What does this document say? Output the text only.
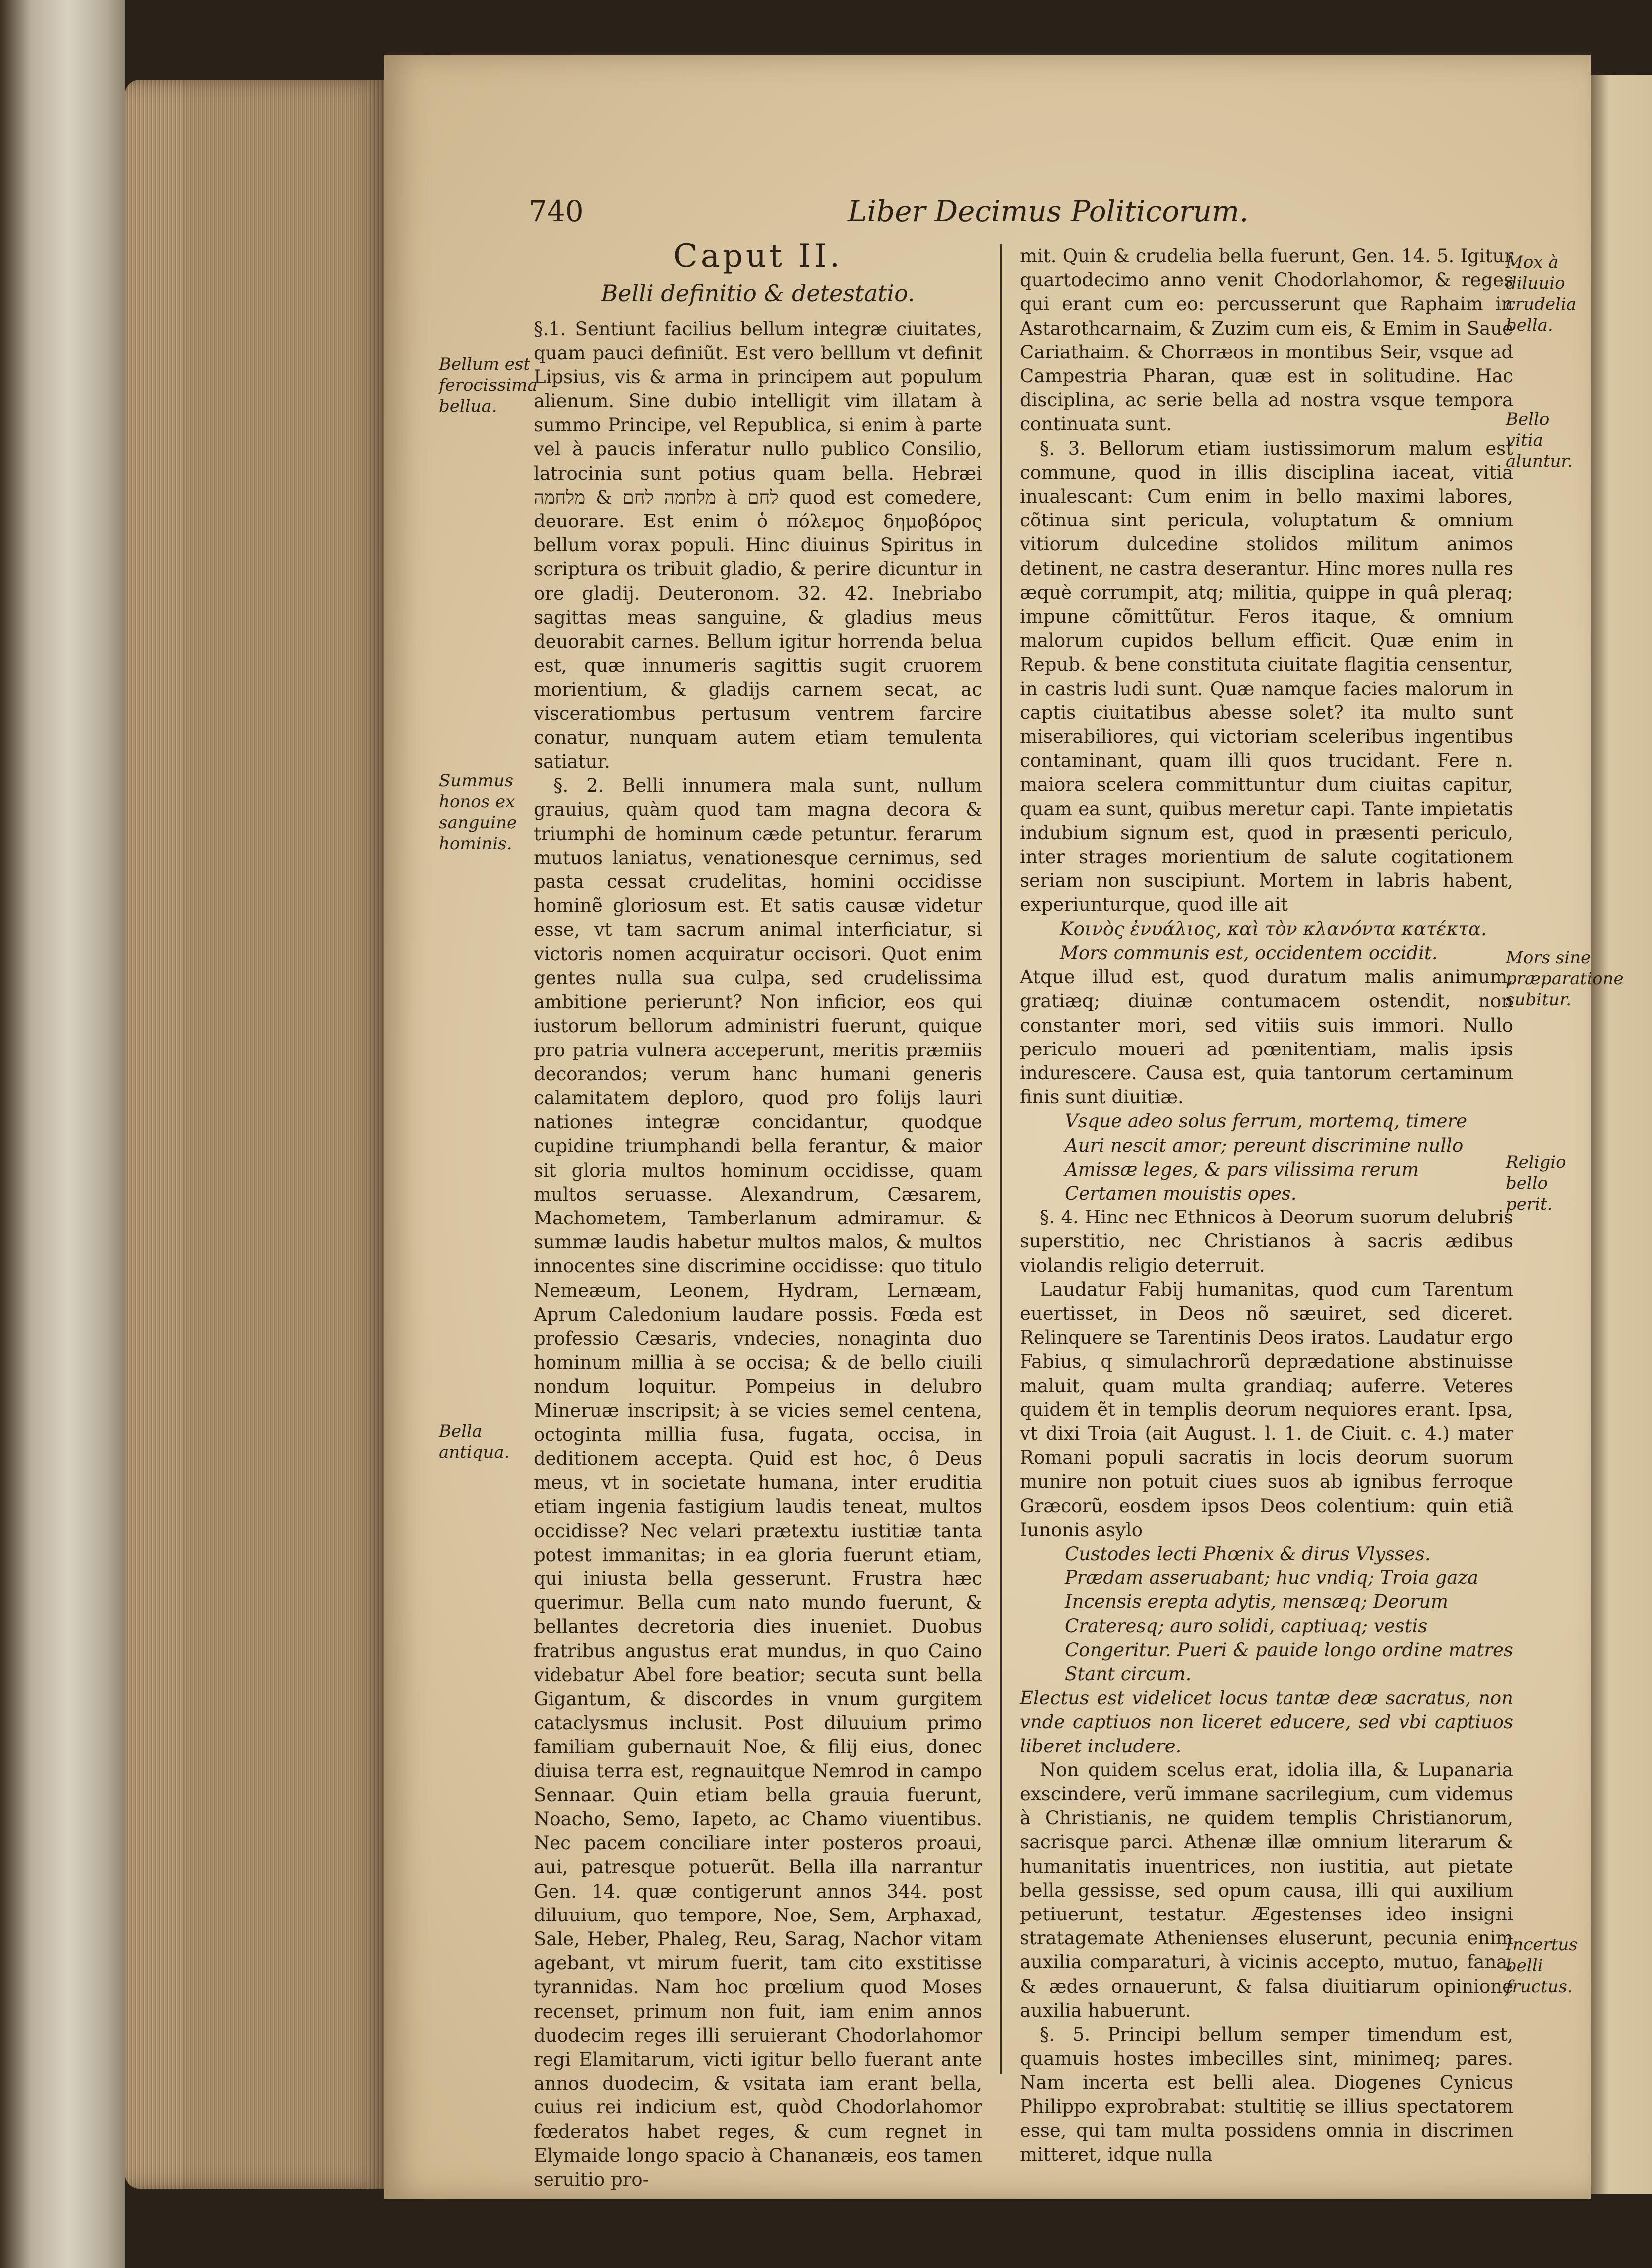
740	Liber Decimus Politicorum.
Caput II.
Belli definitio & detestatio.

§.1. Sentiunt facilius bellum integræ ciuitates, quam pauci definiũt. Est vero belllum vt definit Lipsius, vis & arma in principem aut populum alienum. Sine dubio intelligit vim illatam à summo Principe, vel Republica, si enim à parte vel à paucis inferatur nullo publico Consilio, latrocinia sunt potius quam bella. Hebræi מלחמה לחם & מלחמה à לחם quod est comedere, deuorare. Est enim ὁ πόλεμος δημοβόρος bellum vorax populi. Hinc diuinus Spiritus in scriptura os tribuit gladio, & perire dicuntur in ore gladij. Deuteronom. 32. 42. Inebriabo sagittas meas sanguine, & gladius meus deuorabit carnes. Bellum igitur horrenda belua est, quæ innumeris sagittis sugit cruorem morientium, & gladijs carnem secat, ac visceratiombus pertusum ventrem farcire conatur, nunquam autem etiam temulenta satiatur.

§. 2. Belli innumera mala sunt, nullum grauius, quàm quod tam magna decora & triumphi de hominum cæde petuntur. ferarum mutuos laniatus, venationesque cernimus, sed pasta cessat crudelitas, homini occidisse hominẽ gloriosum est. Et satis causæ videtur esse, vt tam sacrum animal interficiatur, si victoris nomen acquiratur occisori. Quot enim gentes nulla sua culpa, sed crudelissima ambitione perierunt? Non inficior, eos qui iustorum bellorum administri fuerunt, quique pro patria vulnera acceperunt, meritis præmiis decorandos; verum hanc humani generis calamitatem deploro, quod pro folijs lauri nationes integræ concidantur, quodque cupidine triumphandi bella ferantur, & maior sit gloria multos hominum occidisse, quam multos seruasse. Alexandrum, Cæsarem, Machometem, Tamberlanum admiramur. & summæ laudis habetur multos malos, & multos innocentes sine discrimine occidisse: quo titulo Nemeæum, Leonem, Hydram, Lernæam, Aprum Caledonium laudare possis. Fœda est professio Cæsaris, vndecies, nonaginta duo hominum millia à se occisa; & de bello ciuili nondum loquitur. Pompeius in delubro Mineruæ inscripsit; à se vicies semel centena, octoginta millia fusa, fugata, occisa, in deditionem accepta. Quid est hoc, ô Deus meus, vt in societate humana, inter eruditia etiam ingenia fastigium laudis teneat, multos occidisse? Nec velari prætextu iustitiæ tanta potest immanitas; in ea gloria fuerunt etiam, qui iniusta bella gesserunt. Frustra hæc querimur. Bella cum nato mundo fuerunt, & bellantes decretoria dies inueniet. Duobus fratribus angustus erat mundus, in quo Caino videbatur Abel fore beatior; secuta sunt bella Gigantum, & discordes in vnum gurgitem cataclysmus inclusit. Post diluuium primo familiam gubernauit Noe, & filij eius, donec diuisa terra est, regnauitque Nemrod in campo Sennaar. Quin etiam bella grauia fuerunt, Noacho, Semo, Iapeto, ac Chamo viuentibus. Nec pacem conciliare inter posteros proaui, aui, patresque potuerũt. Bella illa narrantur Gen. 14. quæ contigerunt annos 344. post diluuium, quo tempore, Noe, Sem, Arphaxad, Sale, Heber, Phaleg, Reu, Sarag, Nachor vitam agebant, vt mirum fuerit, tam cito exstitisse tyrannidas. Nam hoc prœlium quod Moses recenset, primum non fuit, iam enim annos duodecim reges illi seruierant Chodorlahomor regi Elamitarum, victi igitur bello fuerant ante annos duodecim, & vsitata iam erant bella, cuius rei indicium est, quòd Chodorlahomor fœderatos habet reges, & cum regnet in Elymaide longo spacio à Chananæis, eos tamen seruitio pro-

mit. Quin & crudelia bella fuerunt, Gen. 14. 5. Igitur quartodecimo anno venit Chodorlahomor, & reges qui erant cum eo: percusserunt que Raphaim in Astarothcarnaim, & Zuzim cum eis, & Emim in Saue Cariathaim. & Chorræos in montibus Seir, vsque ad Campestria Pharan, quæ est in solitudine. Hac disciplina, ac serie bella ad nostra vsque tempora continuata sunt.

§. 3. Bellorum etiam iustissimorum malum est commune, quod in illis disciplina iaceat, vitia inualescant: Cum enim in bello maximi labores, cõtinua sint pericula, voluptatum & omnium vitiorum dulcedine stolidos militum animos detinent, ne castra deserantur. Hinc mores nulla res æquè corrumpit, atq; militia, quippe in quâ pleraq; impune cõmittũtur. Feros itaque, & omnium malorum cupidos bellum efficit. Quæ enim in Repub. & bene constituta ciuitate flagitia censentur, in castris ludi sunt. Quæ namque facies malorum in captis ciuitatibus abesse solet? ita multo sunt miserabiliores, qui victoriam sceleribus ingentibus contaminant, quam illi quos trucidant. Fere n. maiora scelera committuntur dum ciuitas capitur, quam ea sunt, quibus meretur capi. Tante impietatis indubium signum est, quod in præsenti periculo, inter strages morientium de salute cogitationem seriam non suscipiunt. Mortem in labris habent, experiunturque, quod ille ait

Κοινὸς ἐνυάλιος, καὶ τὸν κλανόντα κατέκτα.

Mors communis est, occidentem occidit.

Atque illud est, quod duratum malis animum, gratiæq; diuinæ contumacem ostendit, non constanter mori, sed vitiis suis immori. Nullo periculo moueri ad pœnitentiam, malis ipsis indurescere. Causa est, quia tantorum certaminum finis sunt diuitiæ.

Vsque adeo solus ferrum, mortemq, timere

Auri nescit amor; pereunt discrimine nullo

Amissæ leges, & pars vilissima rerum

Certamen mouistis opes.

§. 4. Hinc nec Ethnicos à Deorum suorum delubris superstitio, nec Christianos à sacris ædibus violandis religio deterruit.

Laudatur Fabij humanitas, quod cum Tarentum euertisset, in Deos nõ sæuiret, sed diceret. Relinquere se Tarentinis Deos iratos. Laudatur ergo Fabius, q simulachrorũ deprædatione abstinuisse maluit, quam multa grandiaq; auferre. Veteres quidem ẽt in templis deorum nequiores erant. Ipsa, vt dixi Troia (ait August. l. 1. de Ciuit. c. 4.) mater Romani populi sacratis in locis deorum suorum munire non potuit ciues suos ab ignibus ferroque Græcorũ, eosdem ipsos Deos colentium: quin etiã Iunonis asylo

Custodes lecti Phœnix & dirus Vlysses.

Prædam asseruabant; huc vndiq; Troia gaza

Incensis erepta adytis, mensæq; Deorum

Crateresq; auro solidi, captiuaq; vestis

Congeritur. Pueri & pauide longo ordine matres

Stant circum.

Electus est videlicet locus tantæ deæ sacratus, non vnde captiuos non liceret educere, sed vbi captiuos liberet includere.

Non quidem scelus erat, idolia illa, & Lupanaria exscindere, verũ immane sacrilegium, cum videmus à Christianis, ne quidem templis Christianorum, sacrisque parci. Athenæ illæ omnium literarum & humanitatis inuentrices, non iustitia, aut pietate bella gessisse, sed opum causa, illi qui auxilium petiuerunt, testatur. Ægestenses ideo insigni stratagemate Athenienses eluserunt, pecunia enim auxilia comparaturi, à vicinis accepto, mutuo, fana, & ædes ornauerunt, & falsa diuitiarum opinione auxilia habuerunt.

§. 5. Principi bellum semper timendum est, quamuis hostes imbecilles sint, minimeq; pares. Nam incerta est belli alea. Diogenes Cynicus Philippo exprobrabat: stultitię se illius spectatorem esse, qui tam multa possidens omnia in discrimen mitteret, idque nulla

Bellum est ferocissima bellua.
Summus honos ex sanguine hominis.
Bella antiqua.
Mox à diluuio crudelia bella.
Bello vitia aluntur.
Mors sine præparatione subitur.
Religio bello perit.
Incertus belli fructus.
